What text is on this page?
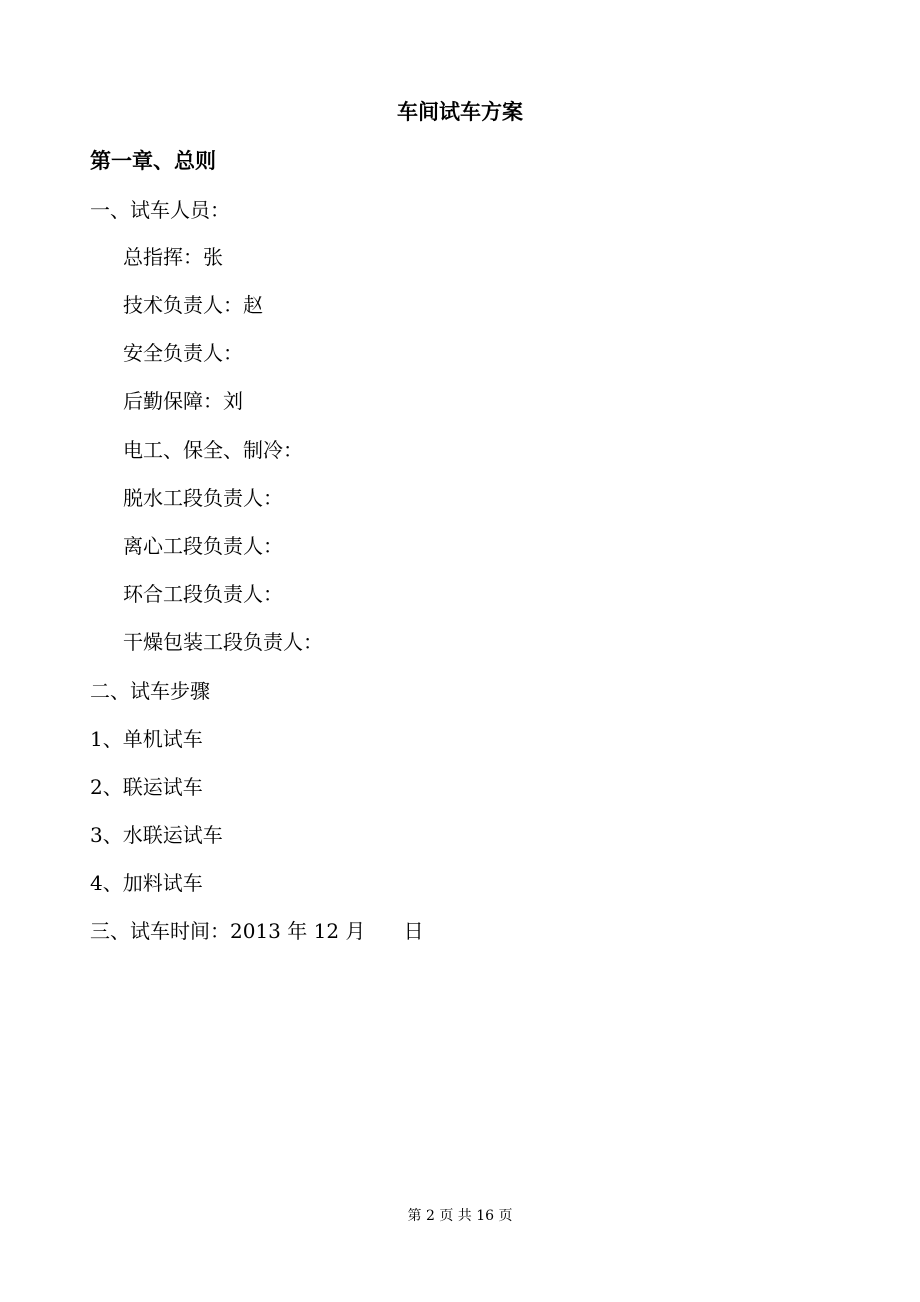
车间试车方案
第一章、总则
一、试车人员：
总指挥：张
技术负责人：赵
安全负责人：
后勤保障：刘
电工、保全、制冷：
脱水工段负责人：
离心工段负责人：
环合工段负责人：
干燥包装工段负责人：
二、试车步骤
1、单机试车
2、联运试车
3、水联运试车
4、加料试车
三、试车时间：2013 年 12 月      日
第 2 页 共 16 页
